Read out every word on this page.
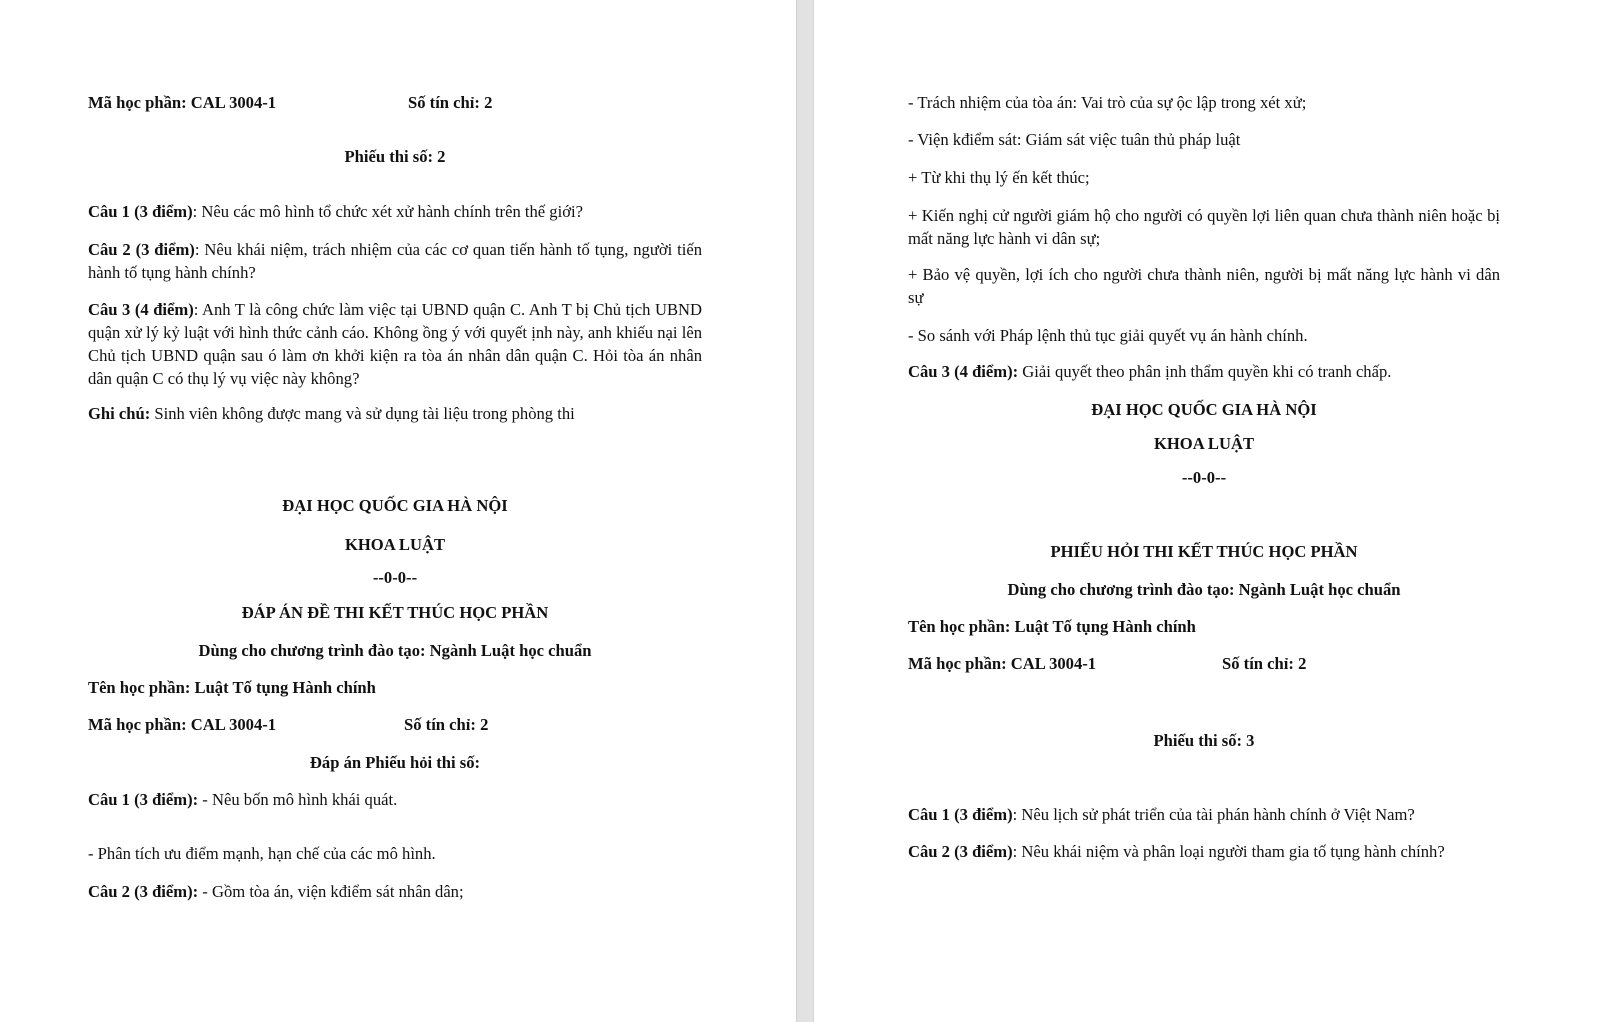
Mã học phần: CAL 3004-1	Số tín chỉ: 2
Phiếu thi số: 2

Câu 1 (3 điểm): Nêu các mô hình tổ chức xét xử hành chính trên thế giới?

Câu 2 (3 điểm): Nêu khái niệm, trách nhiệm của các cơ quan tiến hành tố tụng, người tiến hành tố tụng hành chính?

Câu 3 (4 điểm): Anh T là công chức làm việc tại UBND quận C. Anh T bị Chủ tịch UBND quận xử lý kỷ luật với hình thức cảnh cáo. Không ồng ý với quyết ịnh này, anh khiếu nại lên Chủ tịch UBND quận sau ó làm ơn khởi kiện ra tòa án nhân dân quận C. Hỏi tòa án nhân dân quận C có thụ lý vụ việc này không?

Ghi chú: Sinh viên không được mang và sử dụng tài liệu trong phòng thi

ĐẠI HỌC QUỐC GIA HÀ NỘI
KHOA LUẬT
--0-0--
ĐÁP ÁN ĐỀ THI KẾT THÚC HỌC PHẦN
Dùng cho chương trình đào tạo: Ngành Luật học chuẩn
Tên học phần: Luật Tố tụng Hành chính
Mã học phần: CAL 3004-1	Số tín chỉ: 2
Đáp án Phiếu hỏi thi số:
Câu 1 (3 điểm): - Nêu bốn mô hình khái quát.
- Phân tích ưu điểm mạnh, hạn chế của các mô hình.
Câu 2 (3 điểm): - Gồm tòa án, viện kđiểm sát nhân dân;
- Trách nhiệm của tòa án: Vai trò của sự ộc lập trong xét xử;
- Viện kđiểm sát: Giám sát việc tuân thủ pháp luật
+ Từ khi thụ lý ến kết thúc;

+ Kiến nghị cử người giám hộ cho người có quyền lợi liên quan chưa thành niên hoặc bị mất năng lực hành vi dân sự;

+ Bảo vệ quyền, lợi ích cho người chưa thành niên, người bị mất năng lực hành vi dân sự

- So sánh với Pháp lệnh thủ tục giải quyết vụ án hành chính.
Câu 3 (4 điểm): Giải quyết theo phân ịnh thẩm quyền khi có tranh chấp.
ĐẠI HỌC QUỐC GIA HÀ NỘI
KHOA LUẬT
--0-0--
PHIẾU HỎI THI KẾT THÚC HỌC PHẦN
Dùng cho chương trình đào tạo: Ngành Luật học chuẩn
Tên học phần: Luật Tố tụng Hành chính
Mã học phần: CAL 3004-1	Số tín chỉ: 2
Phiếu thi số: 3
Câu 1 (3 điểm): Nêu lịch sử phát triển của tài phán hành chính ở Việt Nam?
Câu 2 (3 điểm): Nêu khái niệm và phân loại người tham gia tố tụng hành chính?
